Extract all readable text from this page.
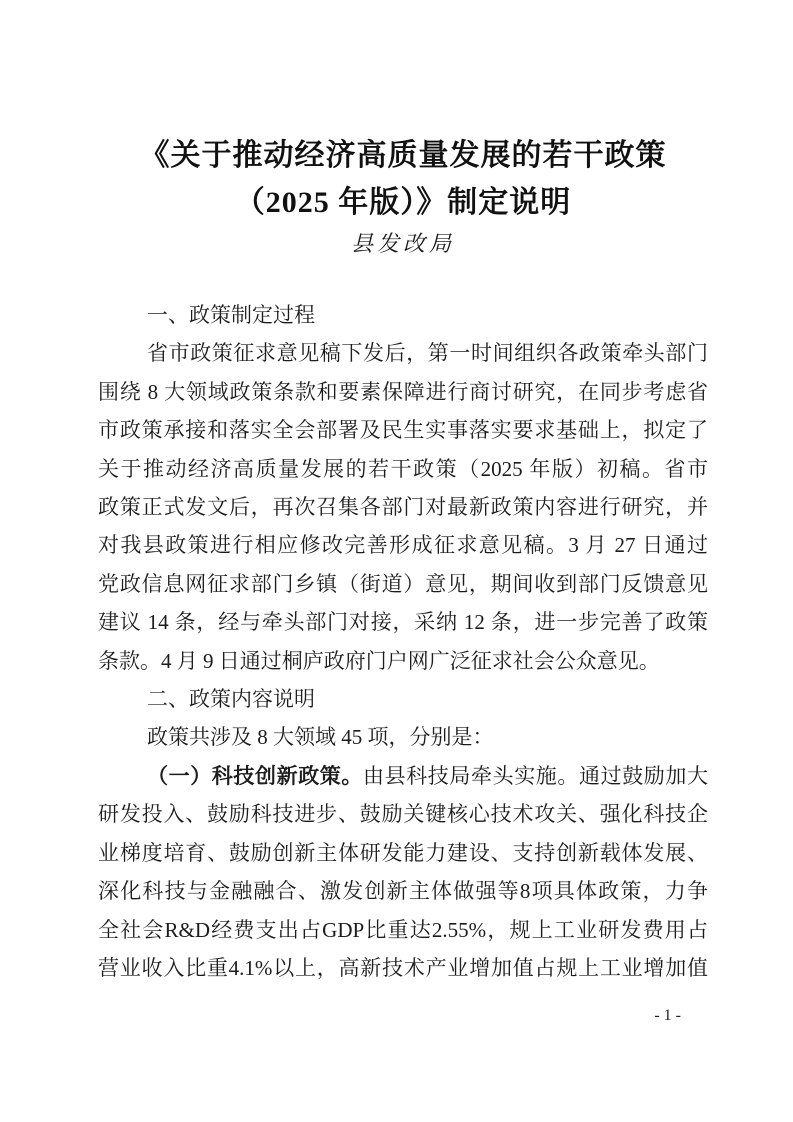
《关于推动经济高质量发展的若干政策
（2025 年版）》制定说明
县发改局
一、政策制定过程
省市政策征求意见稿下发后，第一时间组织各政策牵头部门
围绕 8 大领域政策条款和要素保障进行商讨研究，在同步考虑省
市政策承接和落实全会部署及民生实事落实要求基础上，拟定了
关于推动经济高质量发展的若干政策（2025 年版）初稿。省市
政策正式发文后，再次召集各部门对最新政策内容进行研究，并
对我县政策进行相应修改完善形成征求意见稿。3 月 27 日通过
党政信息网征求部门乡镇（街道）意见，期间收到部门反馈意见
建议 14 条，经与牵头部门对接，采纳 12 条，进一步完善了政策
条款。4 月 9 日通过桐庐政府门户网广泛征求社会公众意见。
二、政策内容说明
政策共涉及 8 大领域 45 项，分别是：
（一）科技创新政策。由县科技局牵头实施。通过鼓励加大
研发投入、鼓励科技进步、鼓励关键核心技术攻关、强化科技企
业梯度培育、鼓励创新主体研发能力建设、支持创新载体发展、
深化科技与金融融合、激发创新主体做强等8项具体政策，力争
全社会R&D经费支出占GDP比重达2.55%，规上工业研发费用占
营业收入比重4.1%以上，高新技术产业增加值占规上工业增加值
- 1 -
